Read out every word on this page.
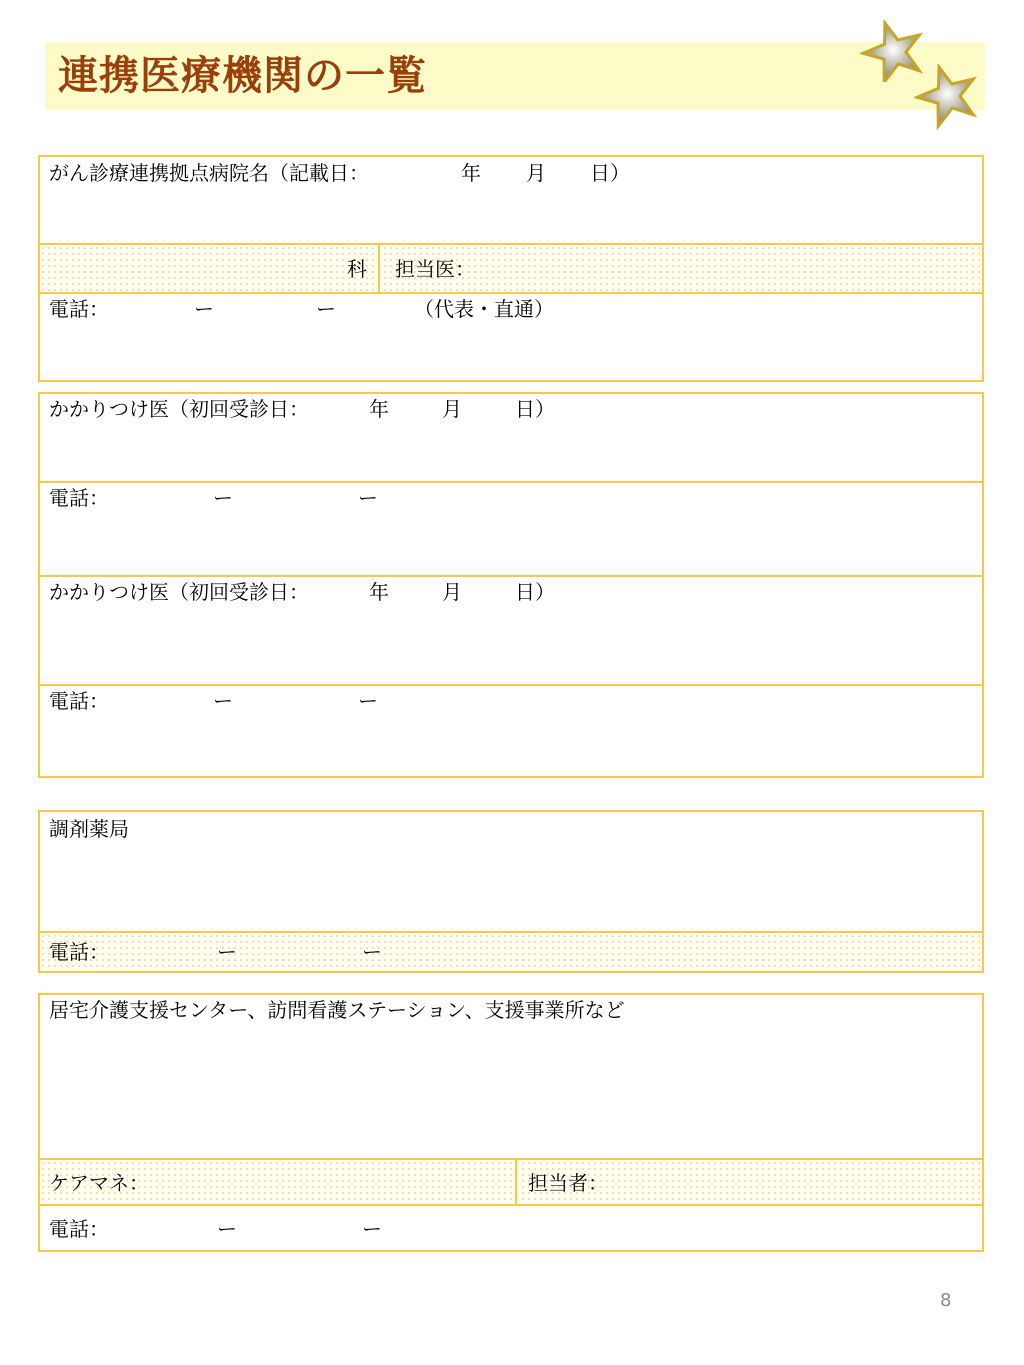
連携医療機関の一覧
がん診療連携拠点病院名（記載日：	年 月 日）
科 担当医：
電話：	ー	ー	（代表・直通）
かかりつけ医（初回受診日：	年	月	日）
電話：	ー	ー
かかりつけ医（初回受診日：	年	月	日）
電話：	ー	ー
調剤薬局
電話：	ー	ー
居宅介護支援センター、訪問看護ステーション、支援事業所など
ケアマネ：	担当者：
電話：	ー	ー
8
